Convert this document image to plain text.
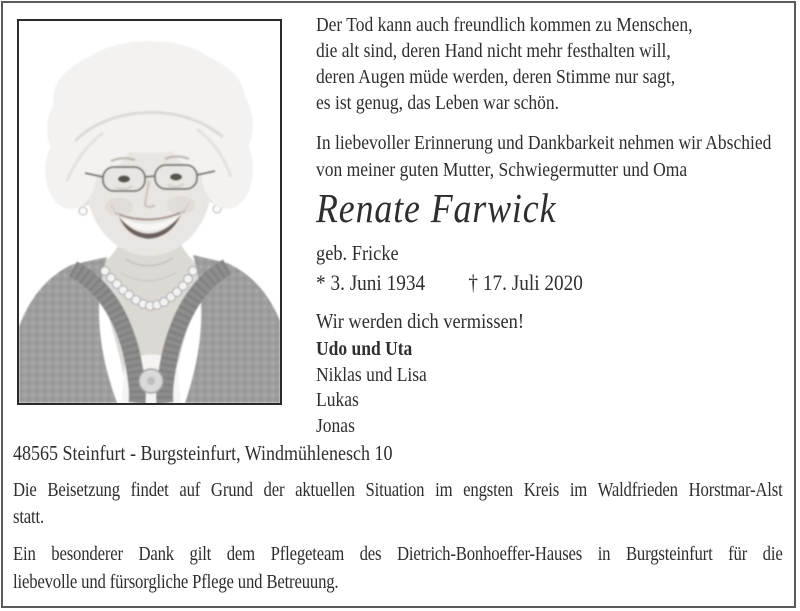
Der Tod kann auch freundlich kommen zu Menschen,
die alt sind, deren Hand nicht mehr festhalten will,
deren Augen müde werden, deren Stimme nur sagt,
es ist genug, das Leben war schön.
In liebevoller Erinnerung und Dankbarkeit nehmen wir Abschied
von meiner guten Mutter, Schwiegermutter und Oma
Renate Farwick
geb. Fricke
* 3. Juni 1934 † 17. Juli 2020
Wir werden dich vermissen!
Udo und Uta
Niklas und Lisa
Lukas
Jonas
48565 Steinfurt - Burgsteinfurt, Windmühlenesch 10
Die Beisetzung findet auf Grund der aktuellen Situation im engsten Kreis im Waldfrieden Horstmar-Alst
statt.
Ein besonderer Dank gilt dem Pflegeteam des Dietrich-Bonhoeffer-Hauses in Burgsteinfurt für die
liebevolle und fürsorgliche Pflege und Betreuung.
